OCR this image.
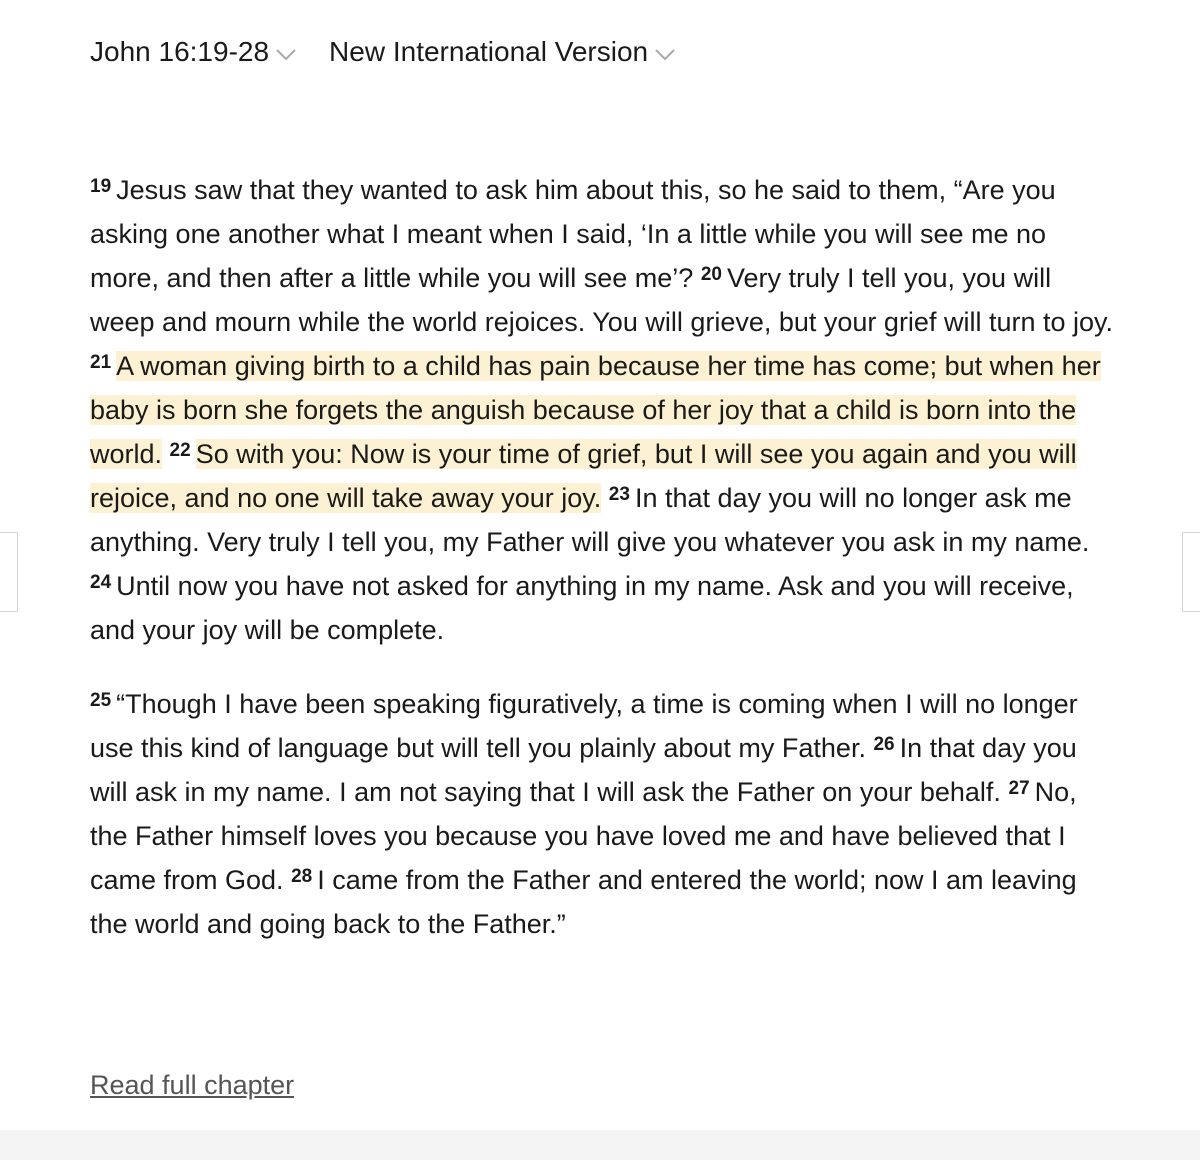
John 16:19-28 New International Version

$^{19}$ Jesus saw that they wanted to ask him about this, so he said to them, “Are you asking one another what I meant when I said, ‘In a little while you will see me no more, and then after a little while you will see me’? $^{20}$ Very truly I tell you, you will weep and mourn while the world rejoices. You will grieve, but your grief will turn to joy. $^{21}$ A woman giving birth to a child has pain because her time has come; but when her baby is born she forgets the anguish because of her joy that a child is born into the world. $^{22}$ So with you: Now is your time of grief, but I will see you again and you will rejoice, and no one will take away your joy. $^{23}$ In that day you will no longer ask me anything. Very truly I tell you, my Father will give you whatever you ask in my name. $^{24}$ Until now you have not asked for anything in my name. Ask and you will receive, and your joy will be complete.

$^{25}$ “Though I have been speaking figuratively, a time is coming when I will no longer use this kind of language but will tell you plainly about my Father. $^{26}$ In that day you will ask in my name. I am not saying that I will ask the Father on your behalf. $^{27}$ No, the Father himself loves you because you have loved me and have believed that I came from God. $^{28}$ I came from the Father and entered the world; now I am leaving the world and going back to the Father.”

Read full chapter
